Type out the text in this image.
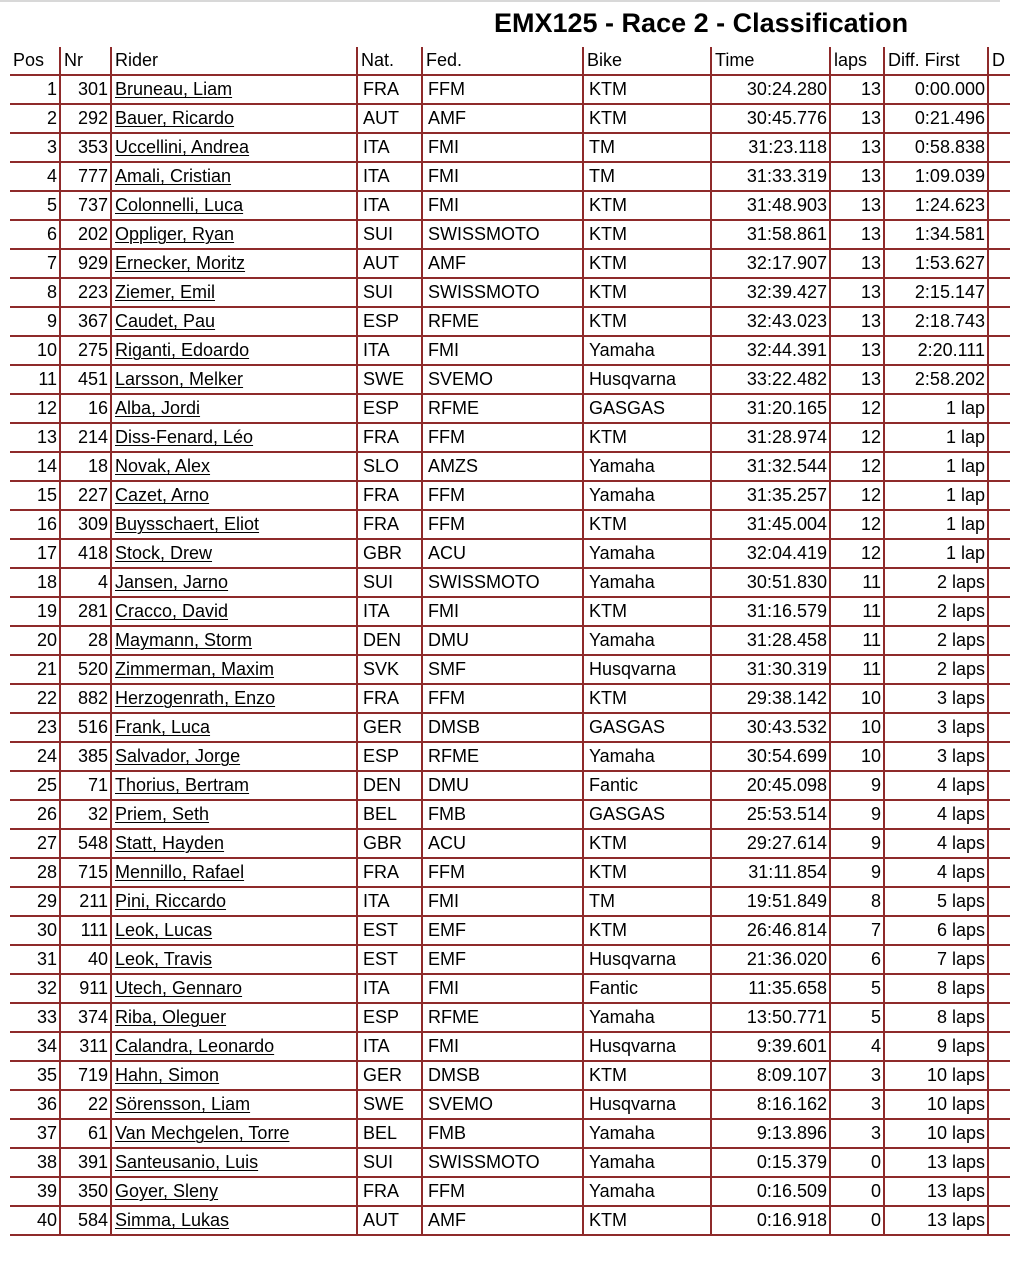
EMX125 - Race 2 - Classification
Pos	Nr	Rider	Nat.	Fed.	Bike	Time	laps	Diff. First	D
1	301	Bruneau, Liam	FRA	FFM	KTM	30:24.280	13	0:00.000	
2	292	Bauer, Ricardo	AUT	AMF	KTM	30:45.776	13	0:21.496	
3	353	Uccellini, Andrea	ITA	FMI	TM	31:23.118	13	0:58.838	
4	777	Amali, Cristian	ITA	FMI	TM	31:33.319	13	1:09.039	
5	737	Colonnelli, Luca	ITA	FMI	KTM	31:48.903	13	1:24.623	
6	202	Oppliger, Ryan	SUI	SWISSMOTO	KTM	31:58.861	13	1:34.581	
7	929	Ernecker, Moritz	AUT	AMF	KTM	32:17.907	13	1:53.627	
8	223	Ziemer, Emil	SUI	SWISSMOTO	KTM	32:39.427	13	2:15.147	
9	367	Caudet, Pau	ESP	RFME	KTM	32:43.023	13	2:18.743	
10	275	Riganti, Edoardo	ITA	FMI	Yamaha	32:44.391	13	2:20.111	
11	451	Larsson, Melker	SWE	SVEMO	Husqvarna	33:22.482	13	2:58.202	
12	16	Alba, Jordi	ESP	RFME	GASGAS	31:20.165	12	1 lap	
13	214	Diss-Fenard, Léo	FRA	FFM	KTM	31:28.974	12	1 lap	
14	18	Novak, Alex	SLO	AMZS	Yamaha	31:32.544	12	1 lap	
15	227	Cazet, Arno	FRA	FFM	Yamaha	31:35.257	12	1 lap	
16	309	Buysschaert, Eliot	FRA	FFM	KTM	31:45.004	12	1 lap	
17	418	Stock, Drew	GBR	ACU	Yamaha	32:04.419	12	1 lap	
18	4	Jansen, Jarno	SUI	SWISSMOTO	Yamaha	30:51.830	11	2 laps	
19	281	Cracco, David	ITA	FMI	KTM	31:16.579	11	2 laps	
20	28	Maymann, Storm	DEN	DMU	Yamaha	31:28.458	11	2 laps	
21	520	Zimmerman, Maxim	SVK	SMF	Husqvarna	31:30.319	11	2 laps	
22	882	Herzogenrath, Enzo	FRA	FFM	KTM	29:38.142	10	3 laps	
23	516	Frank, Luca	GER	DMSB	GASGAS	30:43.532	10	3 laps	
24	385	Salvador, Jorge	ESP	RFME	Yamaha	30:54.699	10	3 laps	
25	71	Thorius, Bertram	DEN	DMU	Fantic	20:45.098	9	4 laps	
26	32	Priem, Seth	BEL	FMB	GASGAS	25:53.514	9	4 laps	
27	548	Statt, Hayden	GBR	ACU	KTM	29:27.614	9	4 laps	
28	715	Mennillo, Rafael	FRA	FFM	KTM	31:11.854	9	4 laps	
29	211	Pini, Riccardo	ITA	FMI	TM	19:51.849	8	5 laps	
30	111	Leok, Lucas	EST	EMF	KTM	26:46.814	7	6 laps	
31	40	Leok, Travis	EST	EMF	Husqvarna	21:36.020	6	7 laps	
32	911	Utech, Gennaro	ITA	FMI	Fantic	11:35.658	5	8 laps	
33	374	Riba, Oleguer	ESP	RFME	Yamaha	13:50.771	5	8 laps	
34	311	Calandra, Leonardo	ITA	FMI	Husqvarna	9:39.601	4	9 laps	
35	719	Hahn, Simon	GER	DMSB	KTM	8:09.107	3	10 laps	
36	22	Sörensson, Liam	SWE	SVEMO	Husqvarna	8:16.162	3	10 laps	
37	61	Van Mechgelen, Torre	BEL	FMB	Yamaha	9:13.896	3	10 laps	
38	391	Santeusanio, Luis	SUI	SWISSMOTO	Yamaha	0:15.379	0	13 laps	
39	350	Goyer, Sleny	FRA	FFM	Yamaha	0:16.509	0	13 laps	
40	584	Simma, Lukas	AUT	AMF	KTM	0:16.918	0	13 laps	
